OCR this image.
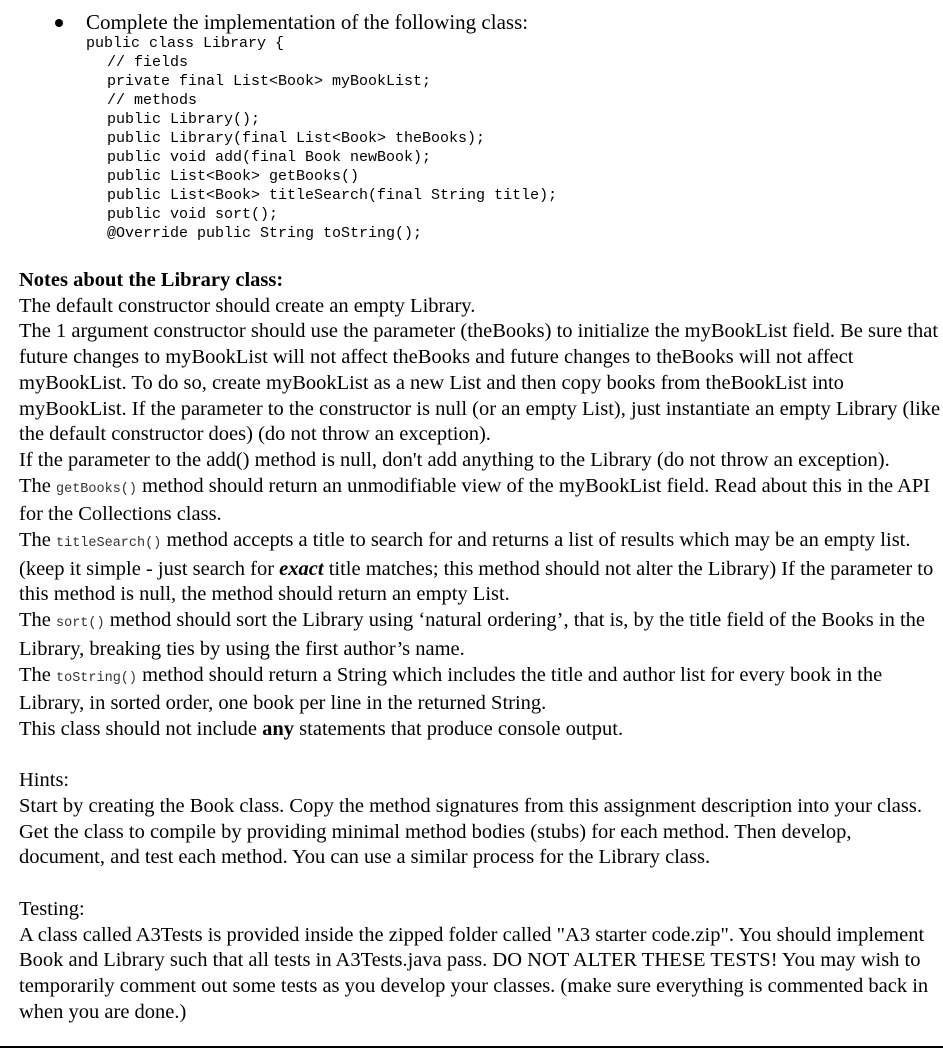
Complete the implementation of the following class:
public class Library {
// fields
private final List<Book> myBookList;
// methods
public Library();
public Library(final List<Book> theBooks);
public void add(final Book newBook);
public List<Book> getBooks()
public List<Book> titleSearch(final String title);
public void sort();
@Override public String toString();

Notes about the Library class:

The default constructor should create an empty Library.

The 1 argument constructor should use the parameter (theBooks) to initialize the myBookList field. Be sure that future changes to myBookList will not affect theBooks and future changes to theBooks will not affect myBookList. To do so, create myBookList as a new List and then copy books from theBookList into myBookList. If the parameter to the constructor is null (or an empty List), just instantiate an empty Library (like the default constructor does) (do not throw an exception).

If the parameter to the add() method is null, don't add anything to the Library (do not throw an exception).

The getBooks() method should return an unmodifiable view of the myBookList field. Read about this in the API for the Collections class.

The titleSearch() method accepts a title to search for and returns a list of results which may be an empty list. (keep it simple - just search for exact title matches; this method should not alter the Library) If the parameter to this method is null, the method should return an empty List.

The sort() method should sort the Library using ‘natural ordering’, that is, by the title field of the Books in the Library, breaking ties by using the first author’s name.

The toString() method should return a String which includes the title and author list for every book in the Library, in sorted order, one book per line in the returned String.

This class should not include any statements that produce console output.

Hints:

Start by creating the Book class. Copy the method signatures from this assignment description into your class. Get the class to compile by providing minimal method bodies (stubs) for each method. Then develop, document, and test each method. You can use a similar process for the Library class.

Testing:

A class called A3Tests is provided inside the zipped folder called "A3 starter code.zip". You should implement Book and Library such that all tests in A3Tests.java pass. DO NOT ALTER THESE TESTS! You may wish to temporarily comment out some tests as you develop your classes. (make sure everything is commented back in when you are done.)
